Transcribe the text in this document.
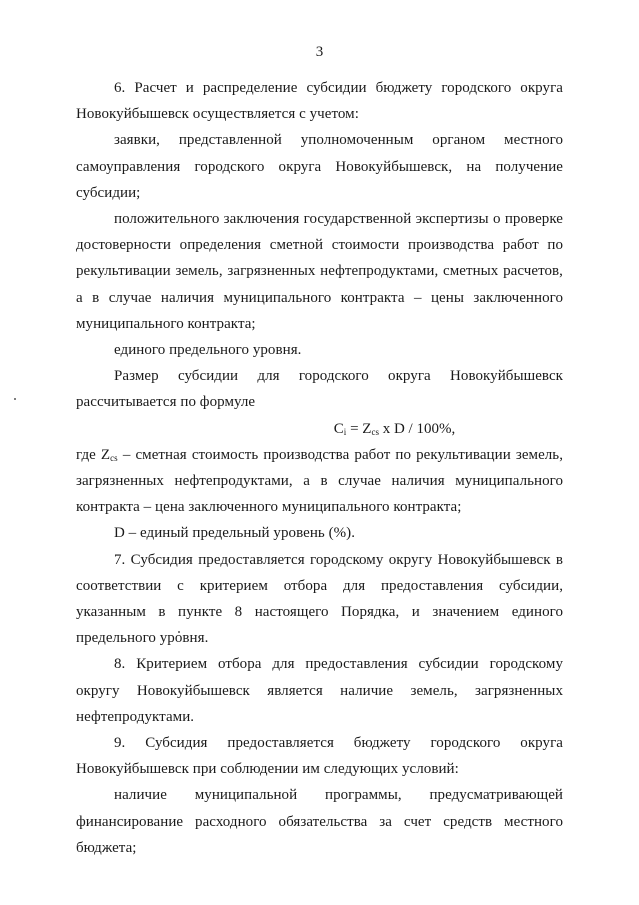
3

6. Расчет и распределение субсидии бюджету городского округа Новокуйбышевск осуществляется с учетом:

заявки, представленной уполномоченным органом местного самоуправления городского округа Новокуйбышевск, на получение субсидии;

положительного заключения государственной экспертизы о проверке достоверности определения сметной стоимости производства работ по рекультивации земель, загрязненных нефтепродуктами, сметных расчетов, а в случае наличия муниципального контракта – цены заключенного муниципального контракта;

единого предельного уровня.

Размер субсидии для городского округа Новокуйбышевск рассчитывается по формуле

$C_i = Z_{cs}$ x D / 100%,

где Zcs – сметная стоимость производства работ по рекультивации земель, загрязненных нефтепродуктами, а в случае наличия муниципального контракта – цена заключенного муниципального контракта;

D – единый предельный уровень (%).

7. Субсидия предоставляется городскому округу Новокуйбышевск в соответствии с критерием отбора для предоставления субсидии, указанным в пункте 8 настоящего Порядка, и значением единого предельного уровня.

8. Критерием отбора для предоставления субсидии городскому округу Новокуйбышевск является наличие земель, загрязненных нефтепродуктами.

9. Субсидия предоставляется бюджету городского округа Новокуйбышевск при соблюдении им следующих условий:

наличие муниципальной программы, предусматривающей финансирование расходного обязательства за счет средств местного бюджета;
